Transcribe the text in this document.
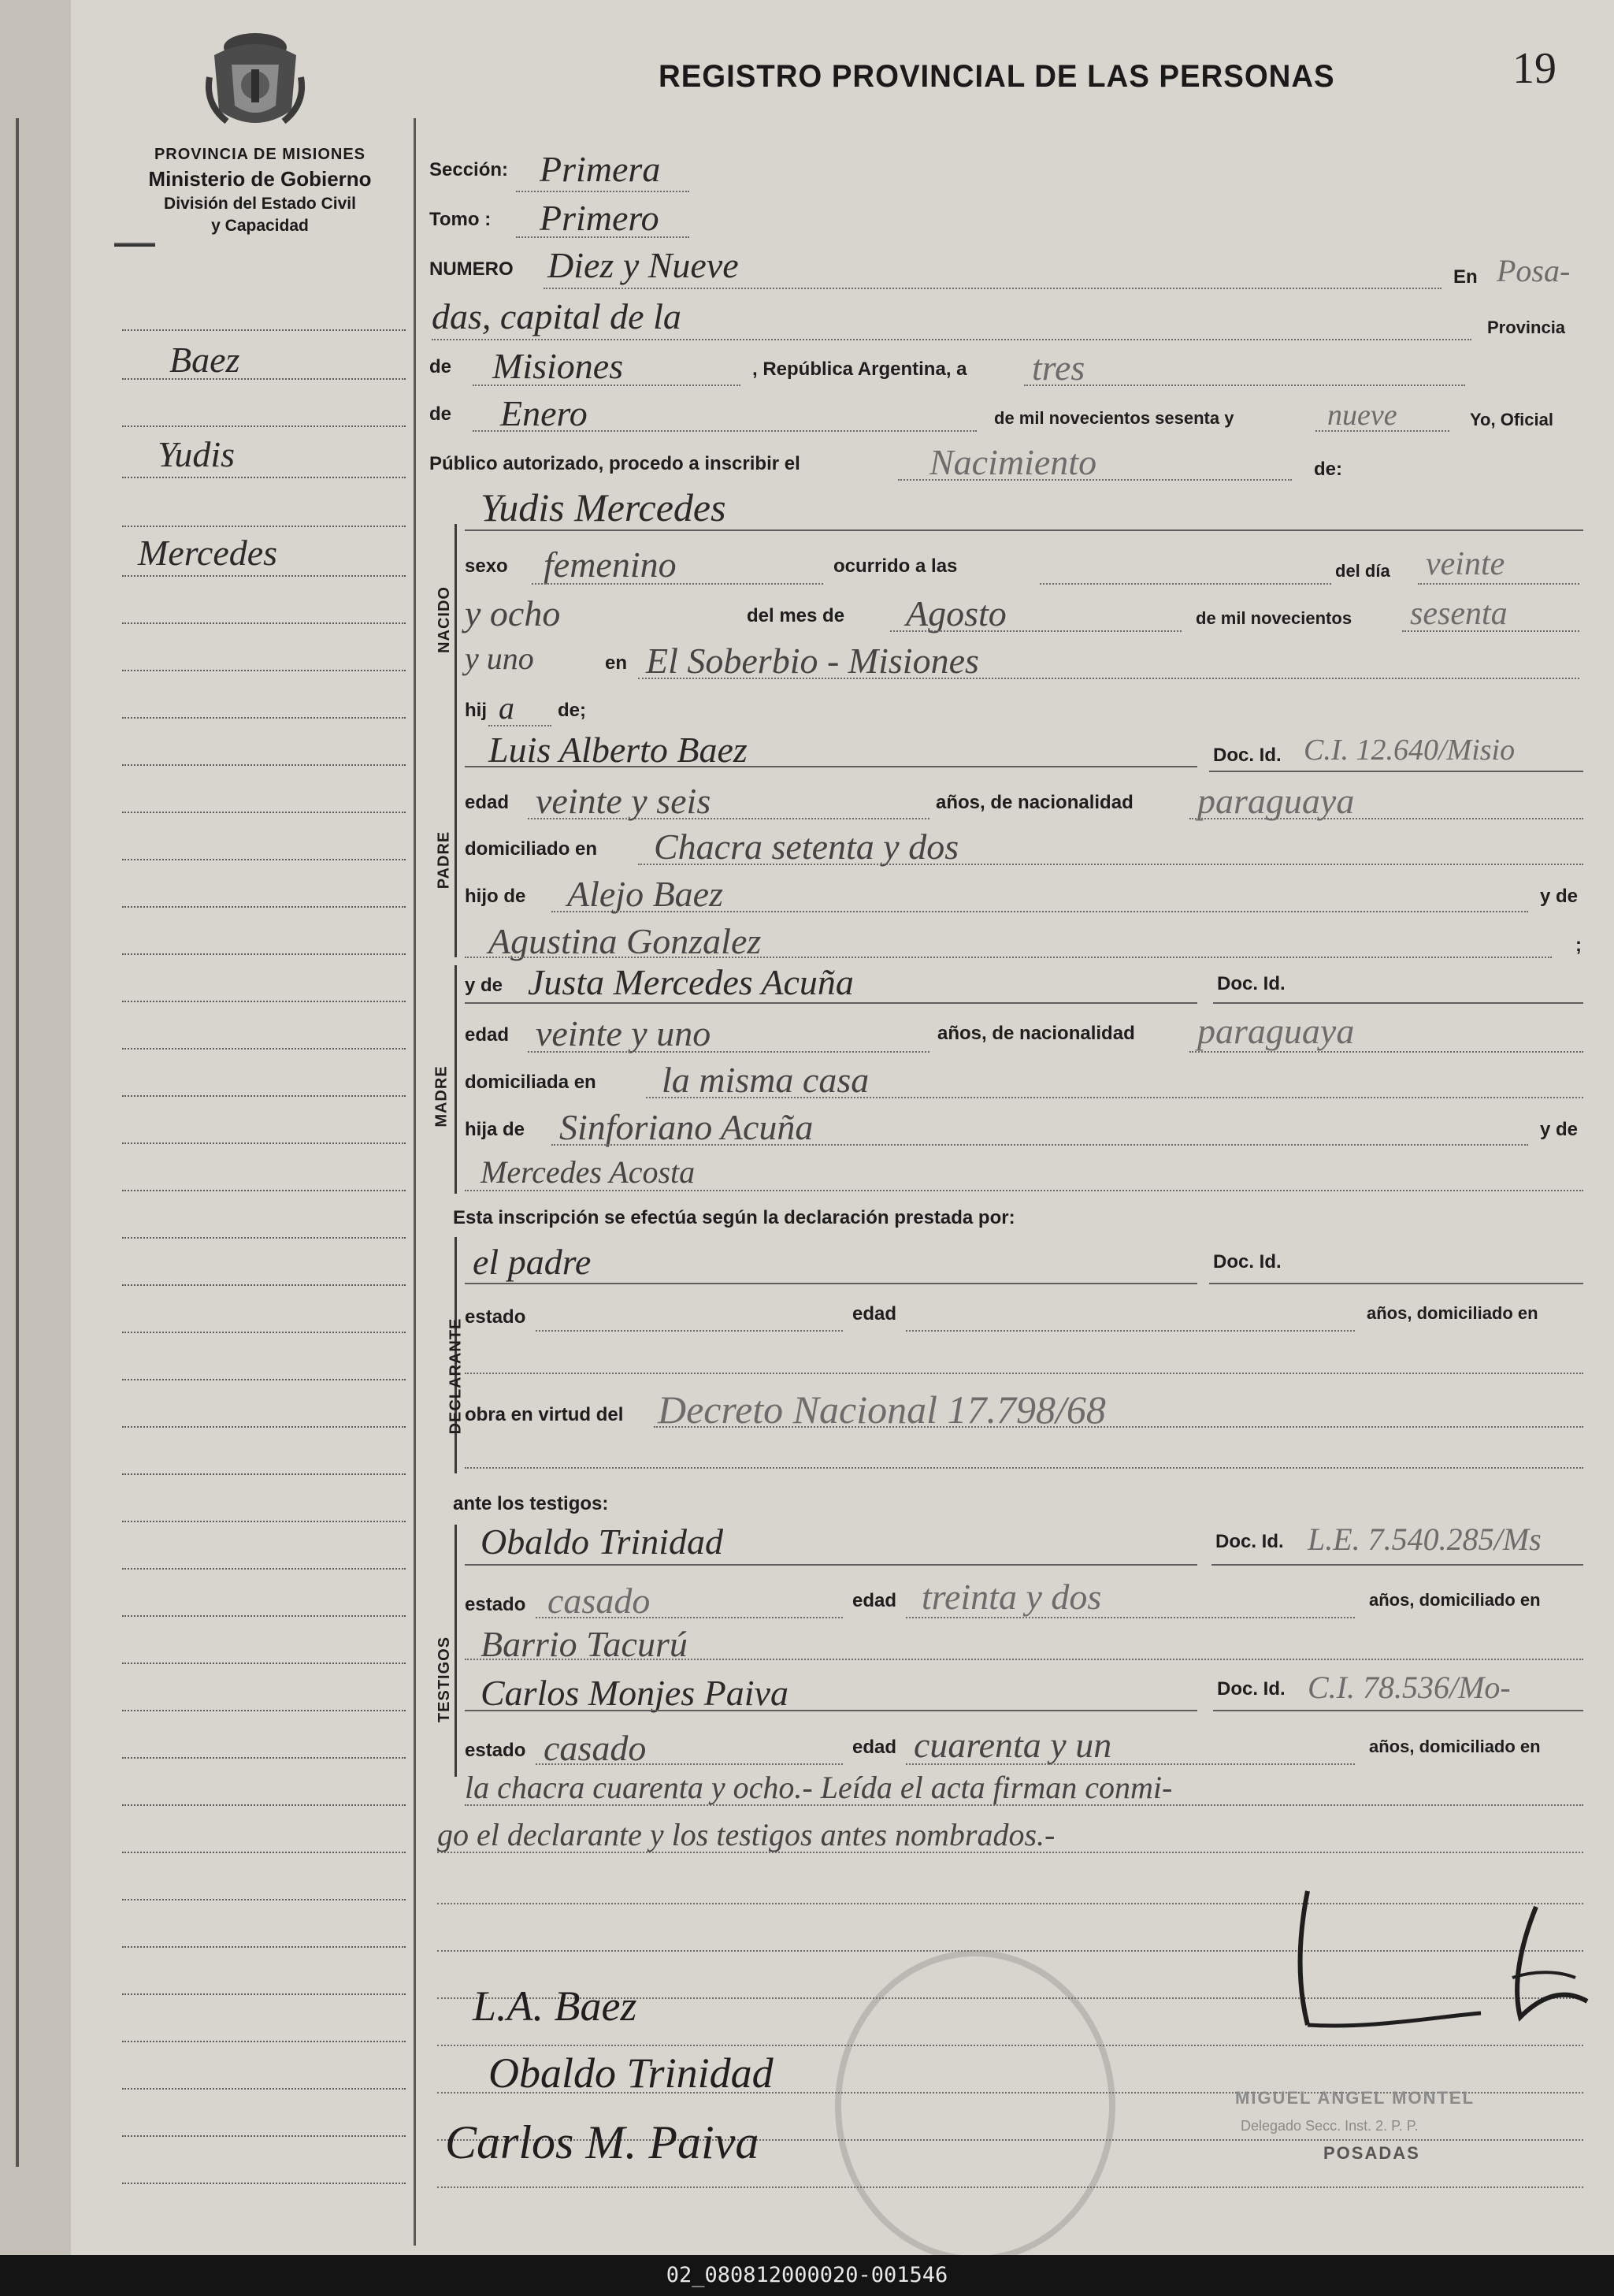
19
REGISTRO PROVINCIAL DE LAS PERSONAS
PROVINCIA DE MISIONES
Ministerio de Gobierno
División del Estado Civil
y Capacidad
Baez
Yudis
Mercedes
Sección: Primera
Tomo : Primero
NUMERO Diez y Nueve	En Posa-
das, capital de la	Provincia
de Misiones	, República Argentina, a tres
de Enero	de mil novecientos sesenta y	nueve	Yo, Oficial
Público autorizado, procedo a inscribir el	Nacimiento	de:
NACIDO
Yudis Mercedes
sexo femenino	ocurrido a las	del día veinte
y ocho	del mes de Agosto	de mil novecientos sesenta
y uno	en El Soberbio - Misiones
hij a de;
PADRE
Luis Alberto Baez	Doc. Id. C.I. 12.640/Misio
edad veinte y seis	años, de nacionalidad paraguaya
domiciliado en Chacra setenta y dos
hijo de Alejo Baez	y de
Agustina Gonzalez	;
MADRE
y de Justa Mercedes Acuña	Doc. Id.
edad veinte y uno	años, de nacionalidad paraguaya
domiciliada en la misma casa
hija de Sinforiano Acuña	y de
Mercedes Acosta
Esta inscripción se efectúa según la declaración prestada por:
DECLARANTE
el padre	Doc. Id.
estado	edad	años, domiciliado en
obra en virtud del Decreto Nacional 17.798/68
ante los testigos:
TESTIGOS
Obaldo Trinidad	Doc. Id. L.E. 7.540.285/Ms
estado casado	edad treinta y dos	años, domiciliado en
Barrio Tacurú
Carlos Monjes Paiva	Doc. Id. C.I. 78.536/Mo-
estado casado	edad cuarenta y un	años, domiciliado en
la chacra cuarenta y ocho.- Leída el acta firman conmi-
go el declarante y los testigos antes nombrados.-
L.A. Baez
Obaldo Trinidad
Carlos M. Paiva
MIGUEL ANGEL MONTEL
Delegado Secc. Inst. 2. P. P.
POSADAS
02_080812000020-001546
